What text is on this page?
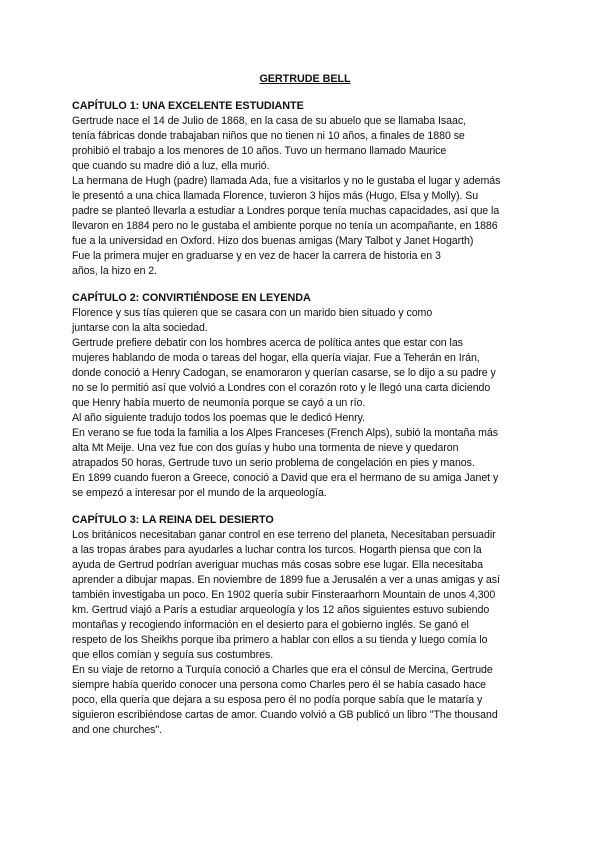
GERTRUDE BELL
CAPÍTULO 1: UNA EXCELENTE ESTUDIANTE
Gertrude nace el 14 de Julio de 1868, en la casa de su abuelo que se llamaba Isaac,
tenía fábricas donde trabajaban niños que no tienen ni 10 años, a finales de 1880 se
prohibió el trabajo a los menores de 10 años. Tuvo un hermano llamado Maurice
que cuando su madre dió a luz, ella murió.
La hermana de Hugh (padre) llamada Ada, fue a visitarlos y no le gustaba el lugar y además
le presentó a una chica llamada Florence, tuvieron 3 hijos más (Hugo, Elsa y Molly). Su
padre se planteó llevarla a estudiar a Londres porque tenía muchas capacidades, así que la
llevaron en 1884 pero no le gustaba el ambiente porque no tenía un acompañante, en 1886
fue a la universidad en Oxford. Hizo dos buenas amigas (Mary Talbot y Janet Hogarth)
Fue la primera mujer en graduarse y en vez de hacer la carrera de historia en 3
años, la hizo en 2.
CAPÍTULO 2: CONVIRTIÉNDOSE EN LEYENDA
Florence y sus tías quieren que se casara con un marido bien situado y como
juntarse con la alta sociedad.
Gertrude prefiere debatir con los hombres acerca de política antes que estar con las
mujeres hablando de moda o tareas del hogar, ella quería viajar. Fue a Teherán en Irán,
donde conoció a Henry Cadogan, se enamoraron y querían casarse, se lo dijo a su padre y
no se lo permitió así que volvió a Londres con el corazón roto y le llegó una carta diciendo
que Henry había muerto de neumonía porque se cayó a un río.
Al año siguiente tradujo todos los poemas que le dedicó Henry.
En verano se fue toda la familia a los Alpes Franceses (French Alps), subió la montaña más
alta Mt Meije. Una vez fue con dos guías y hubo una tormenta de nieve y quedaron
atrapados 50 horas, Gertrude tuvo un serio problema de congelación en pies y manos.
En 1899 cuando fueron a Greece, conoció a David que era el hermano de su amiga Janet y
se empezó a interesar por el mundo de la arqueología.
CAPÍTULO 3: LA REINA DEL DESIERTO
Los británicos necesitaban ganar control en ese terreno del planeta, Necesitaban persuadir
a las tropas árabes para ayudarles a luchar contra los turcos. Hogarth piensa que con la
ayuda de Gertrud podrían averiguar muchas más cosas sobre ese lugar. Ella necesitaba
aprender a dibujar mapas. En noviembre de 1899 fue a Jerusalén a ver a unas amigas y así
también investigaba un poco. En 1902 quería subir Finsteraarhorn Mountain de unos 4,300
km. Gertrud viajó a París a estudiar arqueología y los 12 años siguientes estuvo subiendo
montañas y recogiendo información en el desierto para el gobierno inglés. Se ganó el
respeto de los Sheikhs porque iba primero a hablar con ellos a su tienda y luego comía lo
que ellos comían y seguía sus costumbres.
En su viaje de retorno a Turquía conoció a Charles que era el cónsul de Mercina, Gertrude
siempre había querido conocer una persona como Charles pero él se había casado hace
poco, ella quería que dejara a su esposa pero él no podía porque sabía que le mataría y
siguieron escribiéndose cartas de amor. Cuando volvió a GB publicó un libro "The thousand
and one churches".
